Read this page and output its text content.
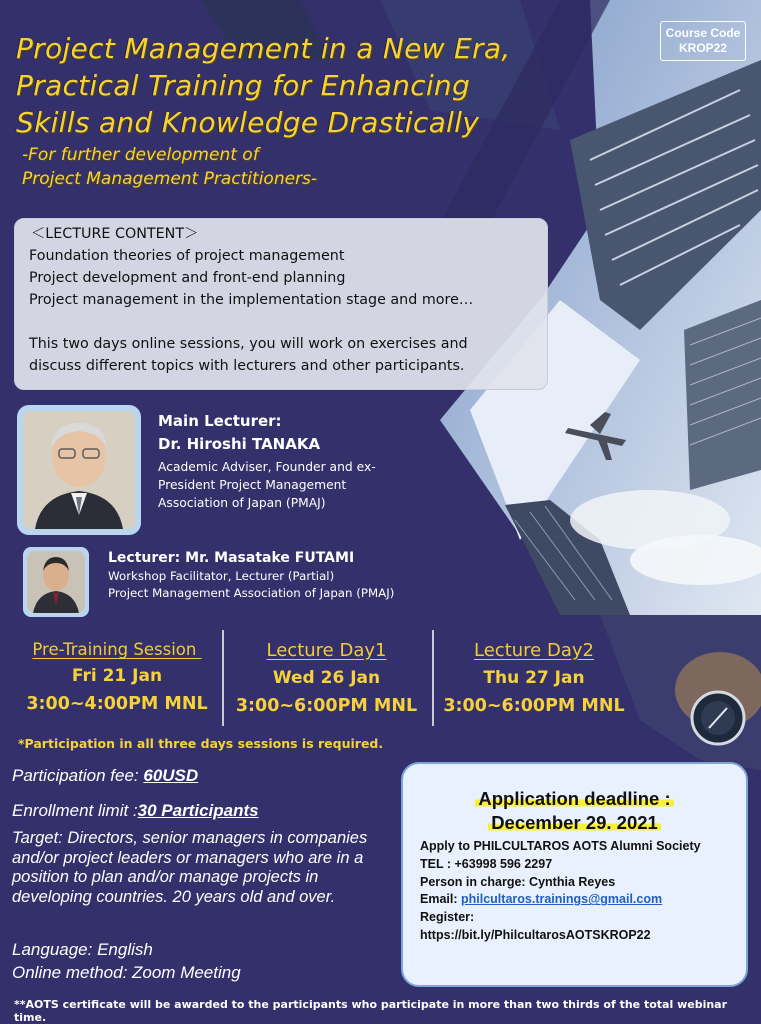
Course Code
KROP22
Project Management in a New Era,
Practical Training for Enhancing
Skills and Knowledge Drastically
-For further development of
Project Management Practitioners-
＜LECTURE CONTENT＞
Foundation theories of project management
Project development and front-end planning
Project management in the implementation stage and more…
This two days online sessions, you will work on exercises and
discuss different topics with lecturers and other participants.
Main Lecturer:
Dr. Hiroshi TANAKA
Academic Adviser, Founder and ex-President Project Management Association of Japan (PMAJ)
Lecturer: Mr. Masatake FUTAMI
Workshop Facilitator, Lecturer (Partial)
Project Management Association of Japan (PMAJ)
Pre-Training Session
Fri 21 Jan
3:00~4:00PM MNL
Lecture Day1
Wed 26 Jan
3:00~6:00PM MNL
Lecture Day2
Thu 27 Jan
3:00~6:00PM MNL
*Participation in all three days sessions is required.
Participation fee: 60USD
Enrollment limit :30 Participants
Target: Directors, senior managers in companies and/or project leaders or managers who are in a position to plan and/or manage projects in developing countries. 20 years old and over.
Language: English
Online method: Zoom Meeting
Application deadline :
December 29. 2021
Apply to PHILCULTAROS AOTS Alumni Society
TEL : +63998 596 2297
Person in charge: Cynthia Reyes
Email: philcultaros.trainings@gmail.com
Register:
https://bit.ly/PhilcultarosAOTSKROP22
**AOTS certificate will be awarded to the participants who participate in more than two thirds of the total webinar time.
